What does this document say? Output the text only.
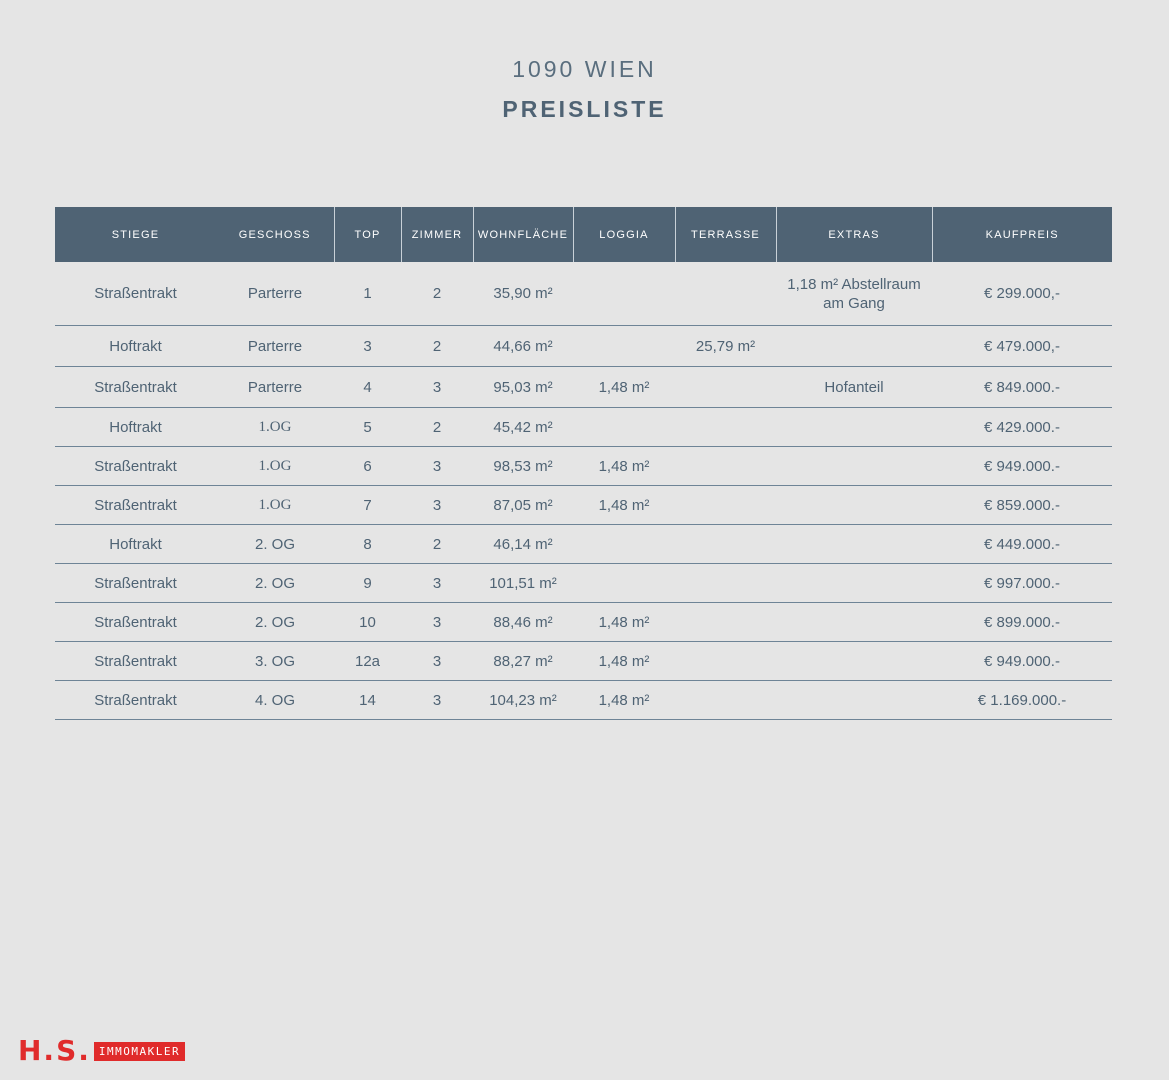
1090 WIEN
PREISLISTE
STIEGE	GESCHOSS	TOP	ZIMMER	WOHNFLÄCHE	LOGGIA	TERRASSE	EXTRAS	KAUFPREIS
Straßentrakt	Parterre	1	2	35,90 m²			1,18 m² Abstellraum am Gang	€ 299.000,-
Hoftrakt	Parterre	3	2	44,66 m²		25,79 m²		€ 479.000,-
Straßentrakt	Parterre	4	3	95,03 m²	1,48 m²		Hofanteil	€ 849.000.-
Hoftrakt	1.OG	5	2	45,42 m²				€ 429.000.-
Straßentrakt	1.OG	6	3	98,53 m²	1,48 m²			€ 949.000.-
Straßentrakt	1.OG	7	3	87,05 m²	1,48 m²			€ 859.000.-
Hoftrakt	2. OG	8	2	46,14 m²				€ 449.000.-
Straßentrakt	2. OG	9	3	101,51 m²				€ 997.000.-
Straßentrakt	2. OG	10	3	88,46 m²	1,48 m²			€ 899.000.-
Straßentrakt	3. OG	12a	3	88,27 m²	1,48 m²			€ 949.000.-
Straßentrakt	4. OG	14	3	104,23 m²	1,48 m²			€ 1.169.000.-
H.S. IMMOMAKLER
